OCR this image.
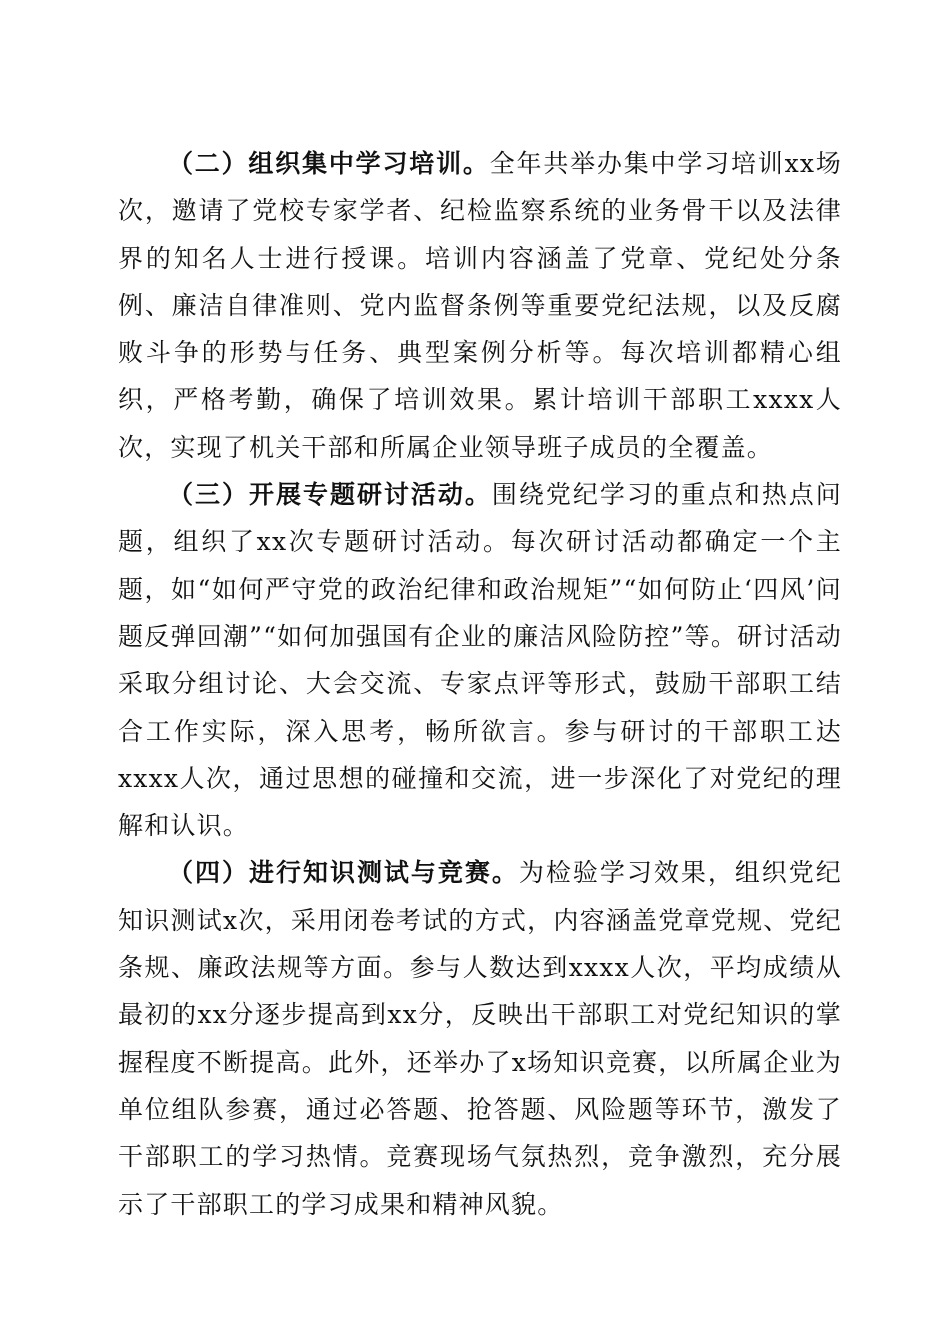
（二）组织集中学习培训。全年共举办集中学习培训xx场次，邀请了党校专家学者、纪检监察系统的业务骨干以及法律界的知名人士进行授课。培训内容涵盖了党章、党纪处分条例、廉洁自律准则、党内监督条例等重要党纪法规，以及反腐败斗争的形势与任务、典型案例分析等。每次培训都精心组织，严格考勤，确保了培训效果。累计培训干部职工xxxx人次，实现了机关干部和所属企业领导班子成员的全覆盖。

（三）开展专题研讨活动。围绕党纪学习的重点和热点问题，组织了xx次专题研讨活动。每次研讨活动都确定一个主题，如“如何严守党的政治纪律和政治规矩”“如何防止‘四风’问题反弹回潮”“如何加强国有企业的廉洁风险防控”等。研讨活动采取分组讨论、大会交流、专家点评等形式，鼓励干部职工结合工作实际，深入思考，畅所欲言。参与研讨的干部职工达xxxx人次，通过思想的碰撞和交流，进一步深化了对党纪的理解和认识。

（四）进行知识测试与竞赛。为检验学习效果，组织党纪知识测试x次，采用闭卷考试的方式，内容涵盖党章党规、党纪条规、廉政法规等方面。参与人数达到xxxx人次，平均成绩从最初的xx分逐步提高到xx分，反映出干部职工对党纪知识的掌握程度不断提高。此外，还举办了x场知识竞赛，以所属企业为单位组队参赛，通过必答题、抢答题、风险题等环节，激发了干部职工的学习热情。竞赛现场气氛热烈，竞争激烈，充分展示了干部职工的学习成果和精神风貌。
